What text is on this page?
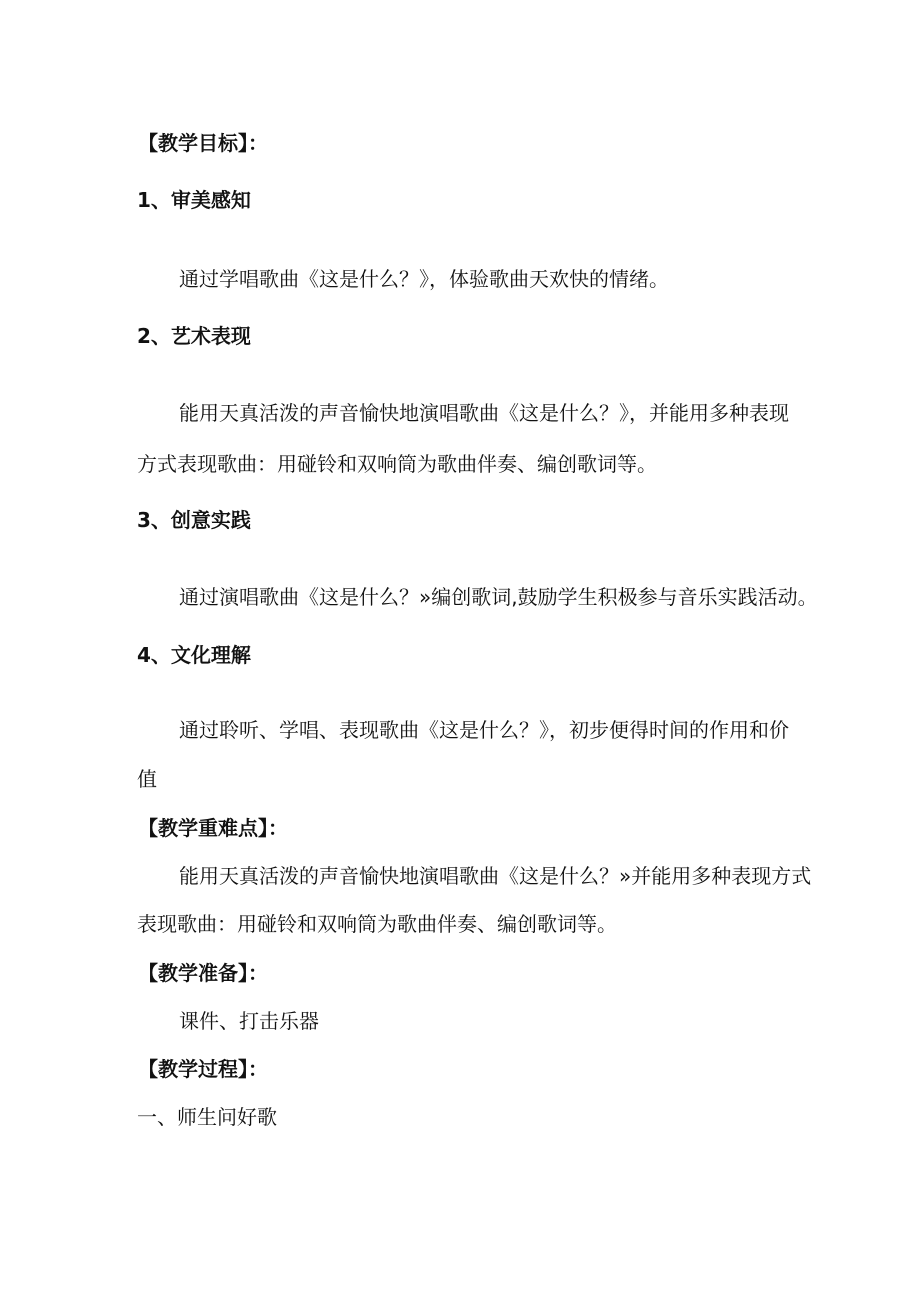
【教学目标】：
1、审美感知
通过学唱歌曲《这是什么？》，体验歌曲天欢快的情绪。
2、艺术表现
能用天真活泼的声音愉快地演唱歌曲《这是什么？》，并能用多种表现
方式表现歌曲：用碰铃和双响筒为歌曲伴奏、编创歌词等。
3、创意实践
通过演唱歌曲《这是什么？»编创歌词,鼓励学生积极参与音乐实践活动。
4、文化理解
通过聆听、学唱、表现歌曲《这是什么？》，初步便得时间的作用和价
值
【教学重难点】：
能用天真活泼的声音愉快地演唱歌曲《这是什么？»并能用多种表现方式
表现歌曲：用碰铃和双响筒为歌曲伴奏、编创歌词等。
【教学准备】：
课件、打击乐器
【教学过程】：
一、师生问好歌
